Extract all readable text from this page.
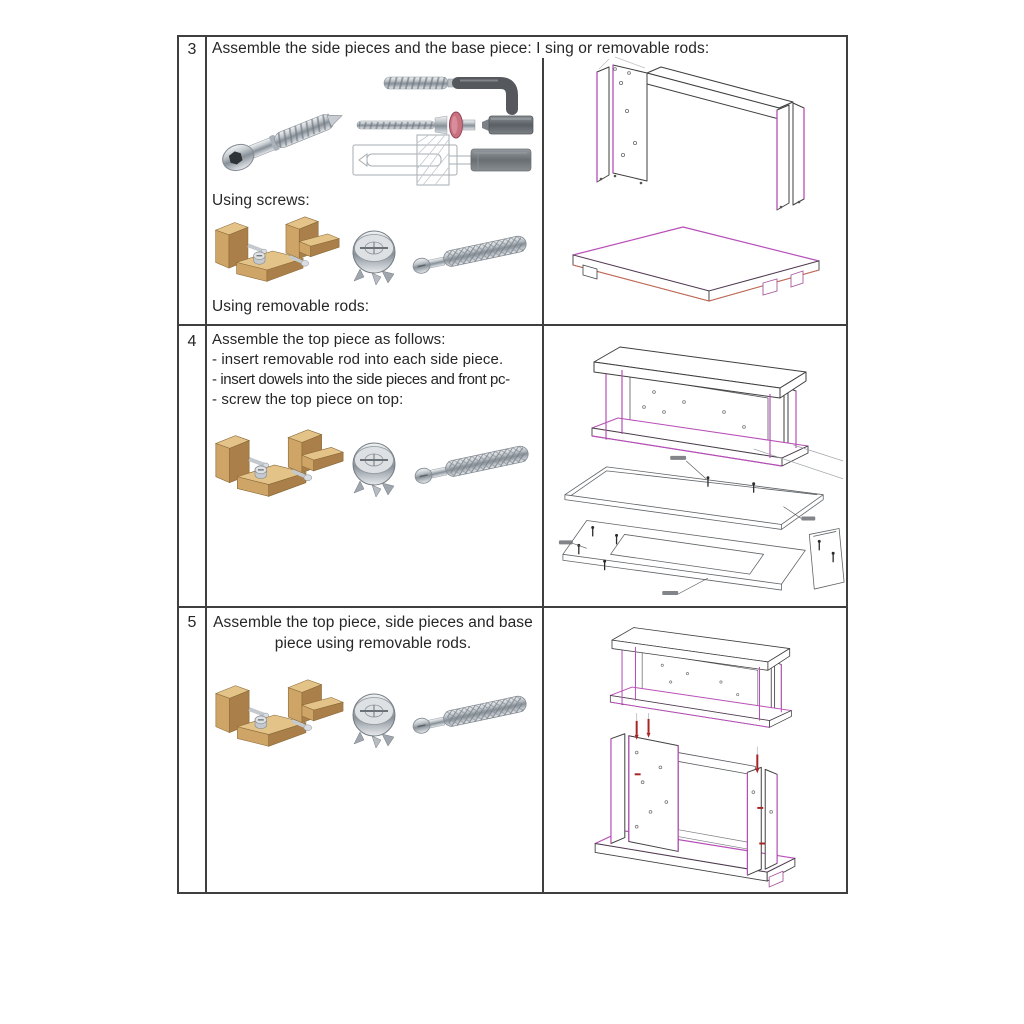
3	Assemble the side pieces and the base piece: I sing or removable rods:
Using screws:
Using removable rods:
4	Assemble the top piece as follows:
- insert removable rod into each side piece.
- insert dowels into the side pieces and front pc-
- screw the top piece on top:
5	Assemble the top piece, side pieces and base
piece using removable rods.
